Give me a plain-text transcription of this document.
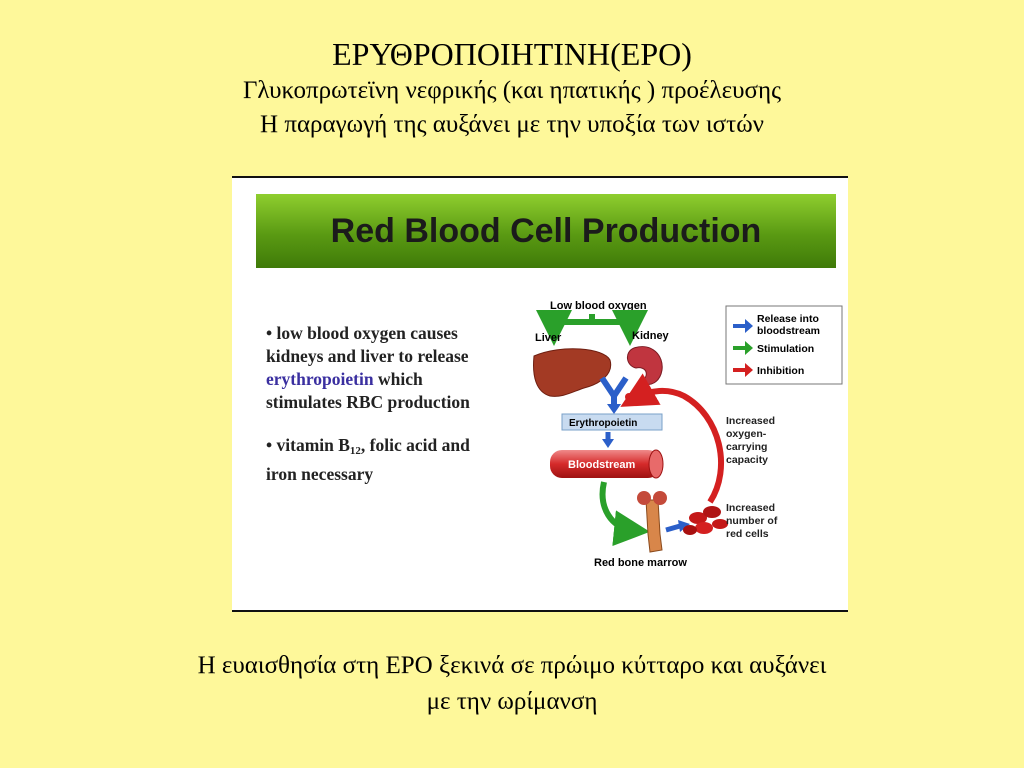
ΕΡΥΘΡΟΠΟΙΗΤΙΝΗ(ΕΡΟ)
Γλυκοπρωτεϊνη νεφρικής (και ηπατικής ) προέλευσης
Η παραγωγή της αυξάνει με την υποξία των ιστών
Red Blood Cell Production

• low blood oxygen causes kidneys and liver to release erythropoietin which stimulates RBC production

• vitamin $B_{12}$, folic acid and iron necessary

Low blood oxygen
Liver	Kidney
Erythropoietin
Bloodstream
Red bone marrow
Increased
oxygen-
carrying
capacity
Increased
number of
red cells
Release into
bloodstream
Stimulation
Inhibition
Η ευαισθησία στη ΕΡΟ ξεκινά σε πρώιμο κύτταρο και αυξάνει
με την ωρίμανση
